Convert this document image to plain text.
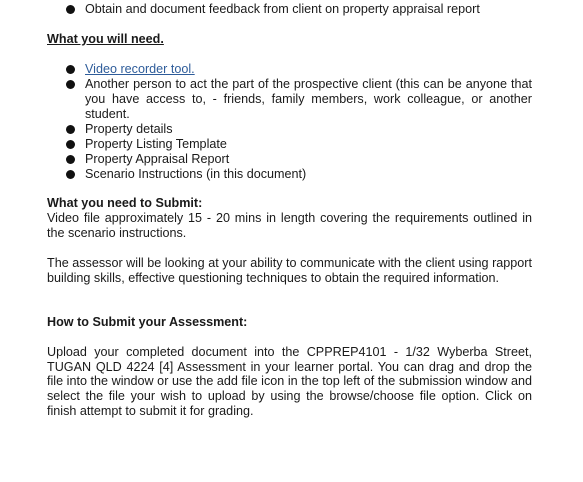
Obtain and document feedback from client on property appraisal report
What you will need.
Video recorder tool.
Another person to act the part of the prospective client (this can be anyone that you have access to, - friends, family members, work colleague, or another student.
Property details
Property Listing Template
Property Appraisal Report
Scenario Instructions (in this document)
What you need to Submit:
Video file approximately 15 - 20 mins in length covering the requirements outlined in the scenario instructions.
The assessor will be looking at your ability to communicate with the client using rapport building skills, effective questioning techniques to obtain the required information.
How to Submit your Assessment:
Upload your completed document into the CPPREP4101 - 1/32 Wyberba Street, TUGAN QLD 4224 [4] Assessment in your learner portal. You can drag and drop the file into the window or use the add file icon in the top left of the submission window and select the file your wish to upload by using the browse/choose file option. Click on finish attempt to submit it for grading.
